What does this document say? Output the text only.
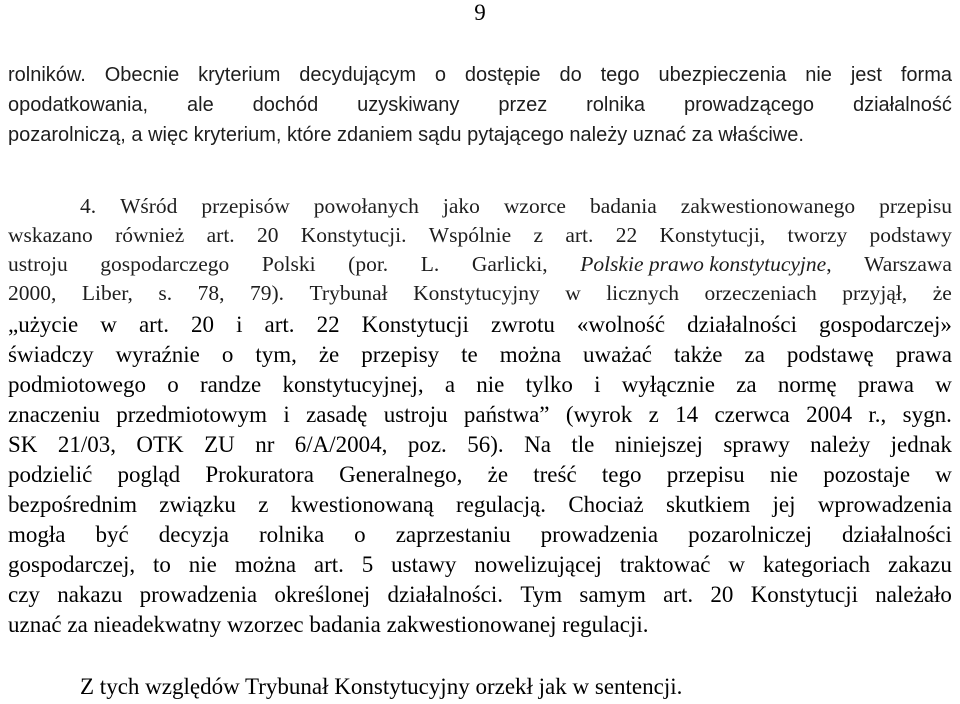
9
rolników. Obecnie kryterium decydującym o dostępie do tego ubezpieczenia nie jest forma
opodatkowania, ale dochód uzyskiwany przez rolnika prowadzącego działalność
pozarolniczą, a więc kryterium, które zdaniem sądu pytającego należy uznać za właściwe.
4. Wśród przepisów powołanych jako wzorce badania zakwestionowanego przepisu
wskazano również art. 20 Konstytucji. Wspólnie z art. 22 Konstytucji, tworzy podstawy
ustroju gospodarczego Polski (por. L. Garlicki, Polskie prawo konstytucyjne, Warszawa
2000, Liber, s. 78, 79). Trybunał Konstytucyjny w licznych orzeczeniach przyjął, że
„użycie w art. 20 i art. 22 Konstytucji zwrotu «wolność działalności gospodarczej»
świadczy wyraźnie o tym, że przepisy te można uważać także za podstawę prawa
podmiotowego o randze konstytucyjnej, a nie tylko i wyłącznie za normę prawa w
znaczeniu przedmiotowym i zasadę ustroju państwa” (wyrok z 14 czerwca 2004 r., sygn.
SK 21/03, OTK ZU nr 6/A/2004, poz. 56). Na tle niniejszej sprawy należy jednak
podzielić pogląd Prokuratora Generalnego, że treść tego przepisu nie pozostaje w
bezpośrednim związku z kwestionowaną regulacją. Chociaż skutkiem jej wprowadzenia
mogła być decyzja rolnika o zaprzestaniu prowadzenia pozarolniczej działalności
gospodarczej, to nie można art. 5 ustawy nowelizującej traktować w kategoriach zakazu
czy nakazu prowadzenia określonej działalności. Tym samym art. 20 Konstytucji należało
uznać za nieadekwatny wzorzec badania zakwestionowanej regulacji.
Z tych względów Trybunał Konstytucyjny orzekł jak w sentencji.
